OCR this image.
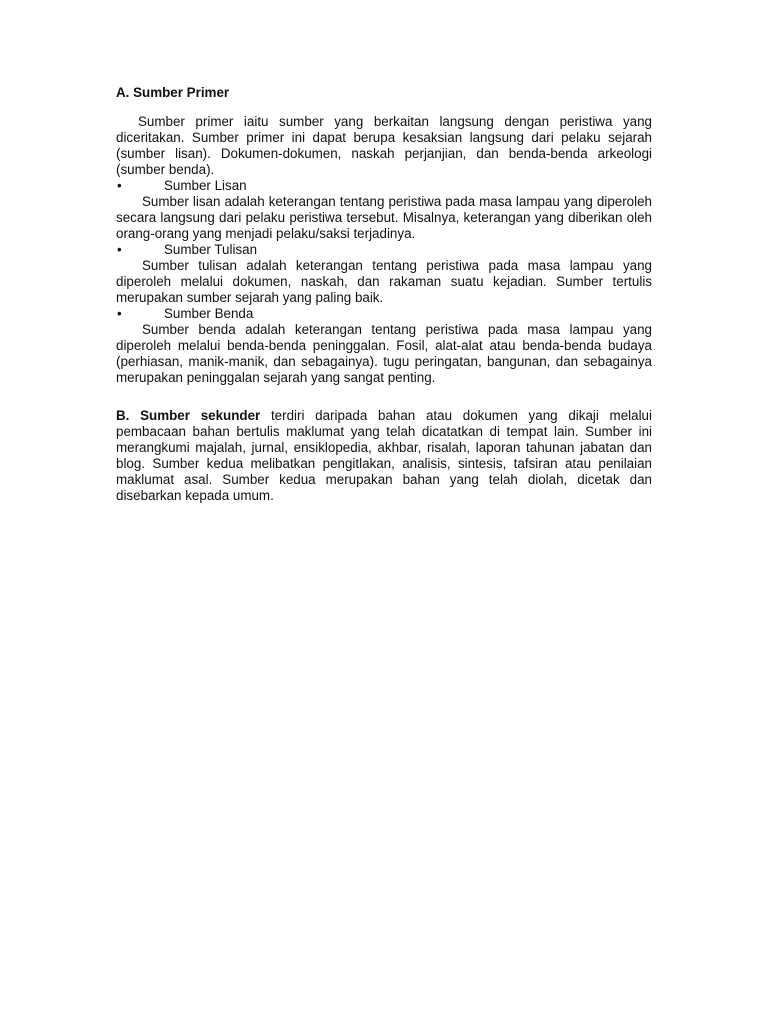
A. Sumber Primer

Sumber primer iaitu sumber yang berkaitan langsung dengan peristiwa yang diceritakan. Sumber primer ini dapat berupa kesaksian langsung dari pelaku sejarah (sumber lisan). Dokumen-dokumen, naskah perjanjian, dan benda-benda arkeologi (sumber benda).

•	Sumber Lisan

Sumber lisan adalah keterangan tentang peristiwa pada masa lampau yang diperoleh secara langsung dari pelaku peristiwa tersebut. Misalnya, keterangan yang diberikan oleh orang-orang yang menjadi pelaku/saksi terjadinya.

•	Sumber Tulisan

Sumber tulisan adalah keterangan tentang peristiwa pada masa lampau yang diperoleh melalui dokumen, naskah, dan rakaman suatu kejadian. Sumber tertulis merupakan sumber sejarah yang paling baik.

•	Sumber Benda

Sumber benda adalah keterangan tentang peristiwa pada masa lampau yang diperoleh melalui benda-benda peninggalan. Fosil, alat-alat atau benda-benda budaya (perhiasan, manik-manik, dan sebagainya). tugu peringatan, bangunan, dan sebagainya merupakan peninggalan sejarah yang sangat penting.

B. Sumber sekunder terdiri daripada bahan atau dokumen yang dikaji melalui pembacaan bahan bertulis maklumat yang telah dicatatkan di tempat lain. Sumber ini merangkumi majalah, jurnal, ensiklopedia, akhbar, risalah, laporan tahunan jabatan dan blog. Sumber kedua melibatkan pengitlakan, analisis, sintesis, tafsiran atau penilaian maklumat asal. Sumber kedua merupakan bahan yang telah diolah, dicetak dan disebarkan kepada umum.
